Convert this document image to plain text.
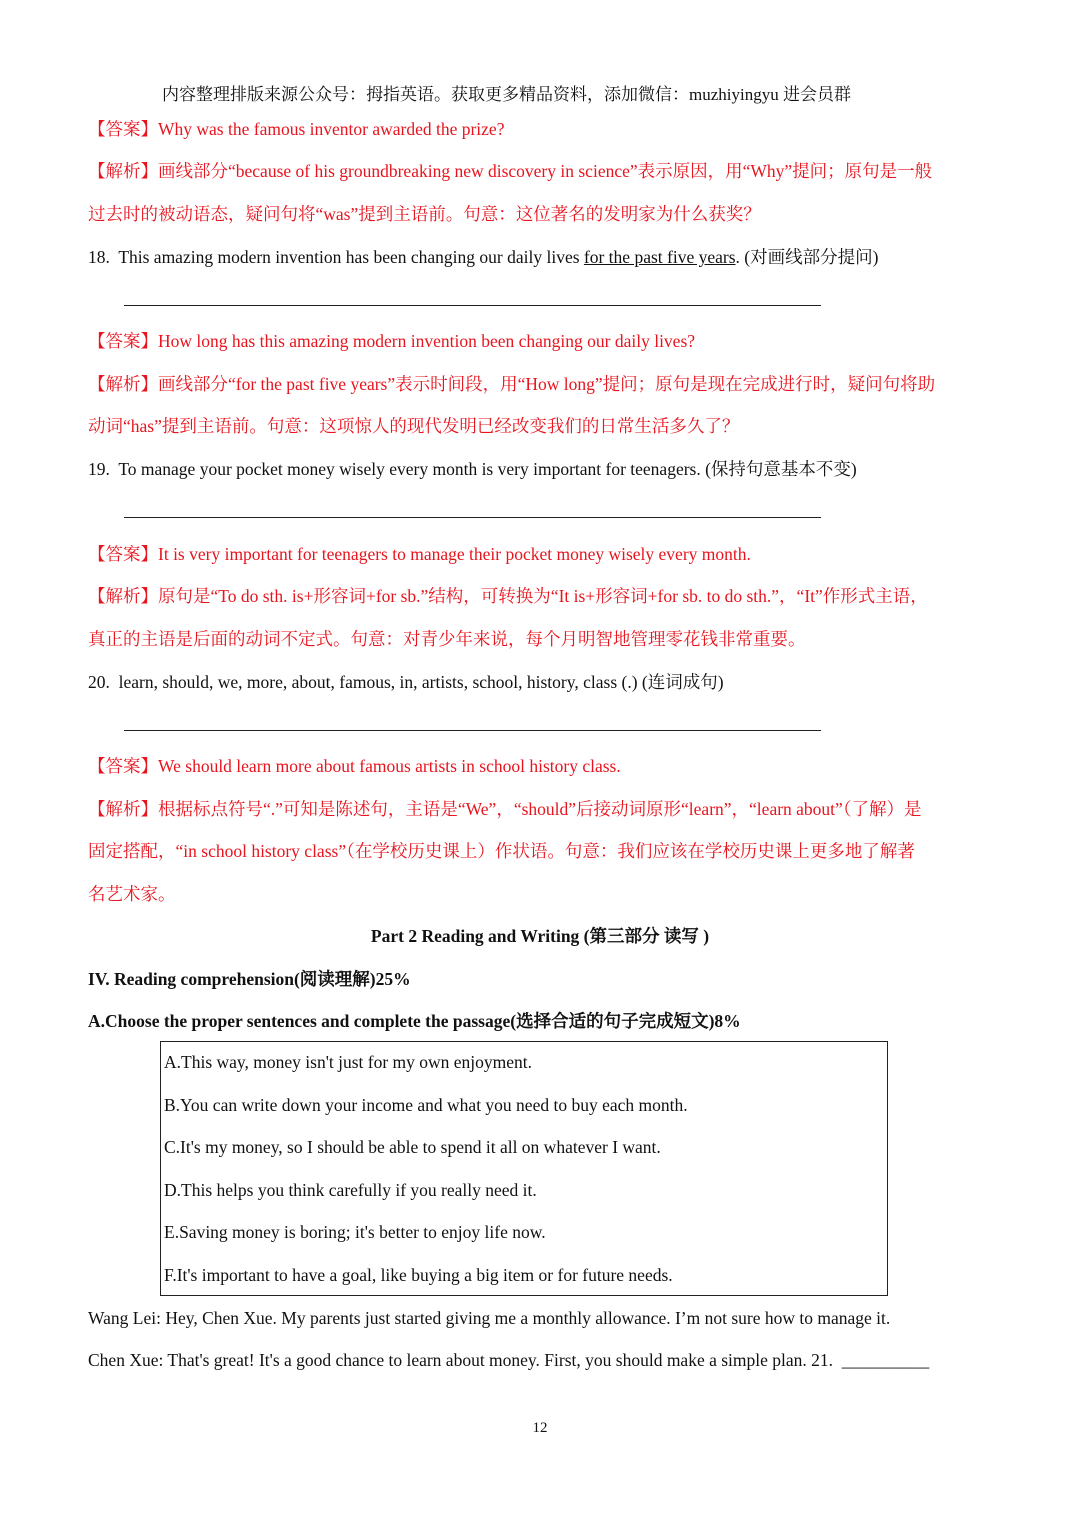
内容整理排版来源公众号：拇指英语。获取更多精品资料，添加微信：muzhiyingyu 进会员群
【答案】Why was the famous inventor awarded the prize?
【解析】画线部分“because of his groundbreaking new discovery in science”表示原因，用“Why”提问；原句是一般
过去时的被动语态，疑问句将“was”提到主语前。句意：这位著名的发明家为什么获奖？
18. This amazing modern invention has been changing our daily lives for the past five years. (对画线部分提问)
【答案】How long has this amazing modern invention been changing our daily lives?
【解析】画线部分“for the past five years”表示时间段，用“How long”提问；原句是现在完成进行时，疑问句将助
动词“has”提到主语前。句意：这项惊人的现代发明已经改变我们的日常生活多久了？
19. To manage your pocket money wisely every month is very important for teenagers. (保持句意基本不变)
【答案】It is very important for teenagers to manage their pocket money wisely every month.
【解析】原句是“To do sth. is+形容词+for sb.”结构，可转换为“It is+形容词+for sb. to do sth.”，“It”作形式主语，
真正的主语是后面的动词不定式。句意：对青少年来说，每个月明智地管理零花钱非常重要。
20. learn, should, we, more, about, famous, in, artists, school, history, class (.) (连词成句)
【答案】We should learn more about famous artists in school history class.
【解析】根据标点符号“.”可知是陈述句，主语是“We”，“should”后接动词原形“learn”，“learn about”（了解）是
固定搭配，“in school history class”（在学校历史课上）作状语。句意：我们应该在学校历史课上更多地了解著
名艺术家。
Part 2 Reading and Writing (第三部分 读写 )
IV. Reading comprehension(阅读理解)25%
A.Choose the proper sentences and complete the passage(选择合适的句子完成短文)8%
A.This way, money isn't just for my own enjoyment.
B.You can write down your income and what you need to buy each month.
C.It's my money, so I should be able to spend it all on whatever I want.
D.This helps you think carefully if you really need it.
E.Saving money is boring; it's better to enjoy life now.
F.It's important to have a goal, like buying a big item or for future needs.
Wang Lei: Hey, Chen Xue. My parents just started giving me a monthly allowance. I’m not sure how to manage it.
Chen Xue: That's great! It's a good chance to learn about money. First, you should make a simple plan. 21. __________
12
